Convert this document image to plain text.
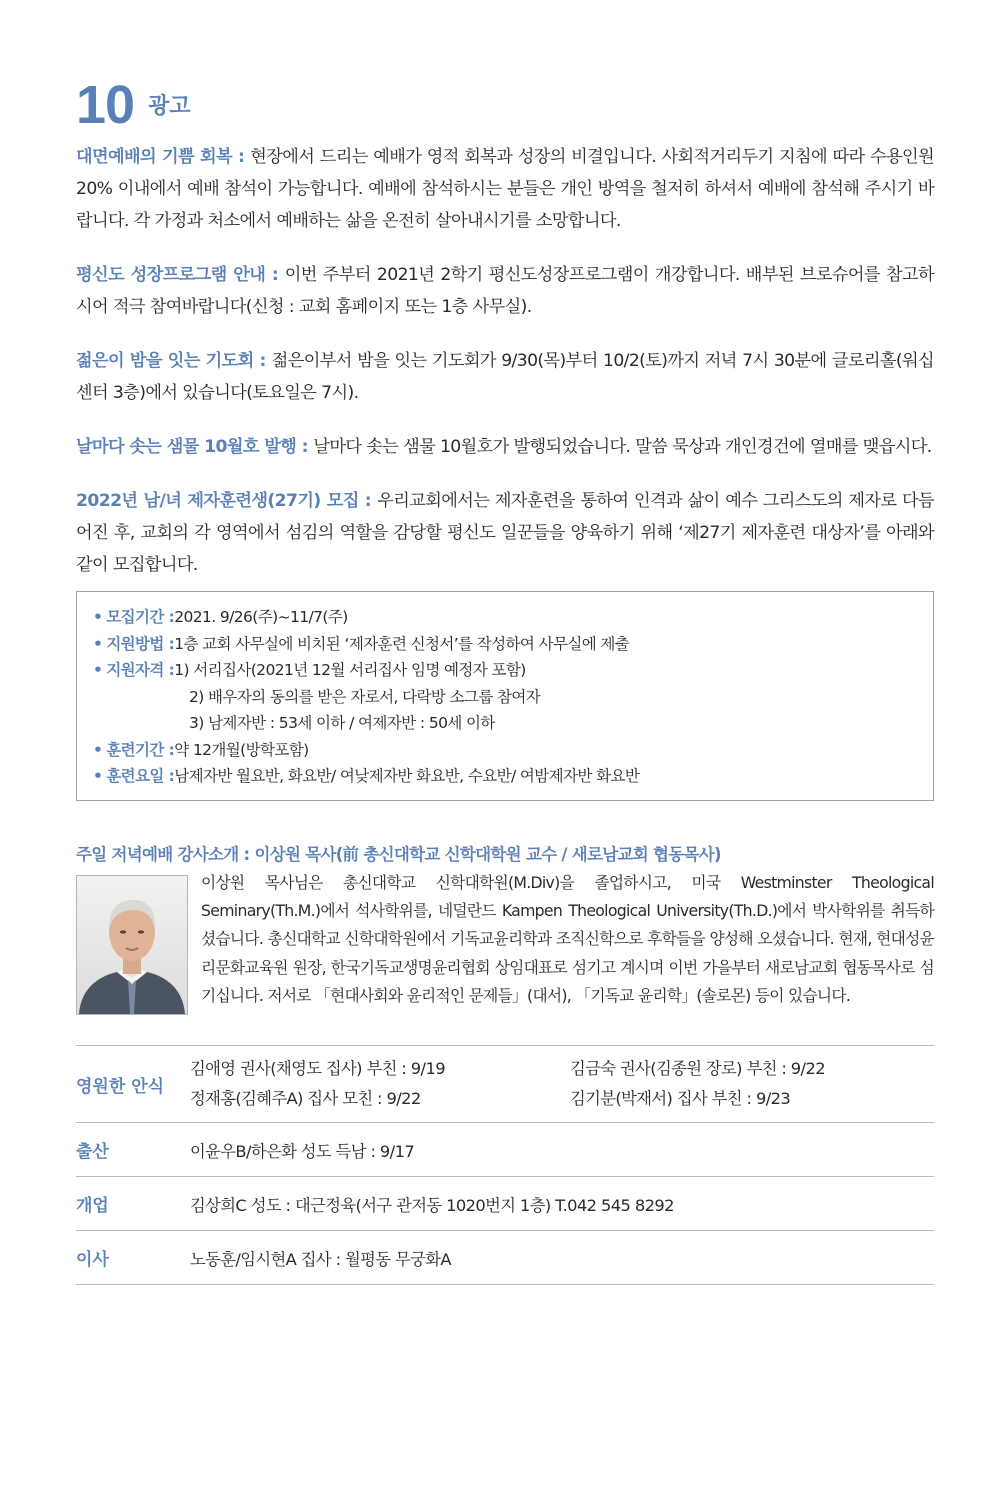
10 광고

대면예배의 기쁨 회복 : 현장에서 드리는 예배가 영적 회복과 성장의 비결입니다. 사회적거리두기 지침에 따라 수용인원 20% 이내에서 예배 참석이 가능합니다. 예배에 참석하시는 분들은 개인 방역을 철저히 하셔서 예배에 참석해 주시기 바랍니다. 각 가정과 처소에서 예배하는 삶을 온전히 살아내시기를 소망합니다.

평신도 성장프로그램 안내 : 이번 주부터 2021년 2학기 평신도성장프로그램이 개강합니다. 배부된 브로슈어를 참고하시어 적극 참여바랍니다(신청 : 교회 홈페이지 또는 1층 사무실).

젊은이 밤을 잇는 기도회 : 젊은이부서 밤을 잇는 기도회가 9/30(목)부터 10/2(토)까지 저녁 7시 30분에 글로리홀(워십센터 3층)에서 있습니다(토요일은 7시).

날마다 솟는 샘물 10월호 발행 : 날마다 솟는 샘물 10월호가 발행되었습니다. 말씀 묵상과 개인경건에 열매를 맺읍시다.

2022년 남/녀 제자훈련생(27기) 모집 : 우리교회에서는 제자훈련을 통하여 인격과 삶이 예수 그리스도의 제자로 다듬어진 후, 교회의 각 영역에서 섬김의 역할을 감당할 평신도 일꾼들을 양육하기 위해 ‘제27기 제자훈련 대상자’를 아래와 같이 모집합니다.

• 모집기간 : 2021. 9/26(주)~11/7(주)
• 지원방법 : 1층 교회 사무실에 비치된 ‘제자훈련 신청서’를 작성하여 사무실에 제출
• 지원자격 : 1) 서리집사(2021년 12월 서리집사 임명 예정자 포함)
2) 배우자의 동의를 받은 자로서, 다락방 소그룹 참여자
3) 남제자반 : 53세 이하 / 여제자반 : 50세 이하
• 훈련기간 : 약 12개월(방학포함)
• 훈련요일 : 남제자반 월요반, 화요반/ 여낮제자반 화요반, 수요반/ 여밤제자반 화요반
주일 저녁예배 강사소개 : 이상원 목사(前 총신대학교 신학대학원 교수 / 새로남교회 협동목사)
이상원 목사님은 총신대학교 신학대학원(M.Div)을 졸업하시고, 미국 Westminster Theological Seminary(Th.M.)에서 석사학위를, 네덜란드 Kampen Theological University(Th.D.)에서 박사학위를 취득하셨습니다. 총신대학교 신학대학원에서 기독교윤리학과 조직신학으로 후학들을 양성해 오셨습니다. 현재, 현대성윤리문화교육원 원장, 한국기독교생명윤리협회 상임대표로 섬기고 계시며 이번 가을부터 새로남교회 협동목사로 섬기십니다. 저서로 「현대사회와 윤리적인 문제들」(대서), 「기독교 윤리학」(솔로몬) 등이 있습니다.
영원한 안식
김애영 권사(채영도 집사) 부친 : 9/19	김금숙 권사(김종원 장로) 부친 : 9/22
정재홍(김혜주A) 집사 모친 : 9/22	김기분(박재서) 집사 부친 : 9/23
출산	이윤우B/하은화 성도 득남 : 9/17
개업	김상희C 성도 : 대근정육(서구 관저동 1020번지 1층) T.042 545 8292
이사	노동훈/임시현A 집사 : 월평동 무궁화A
